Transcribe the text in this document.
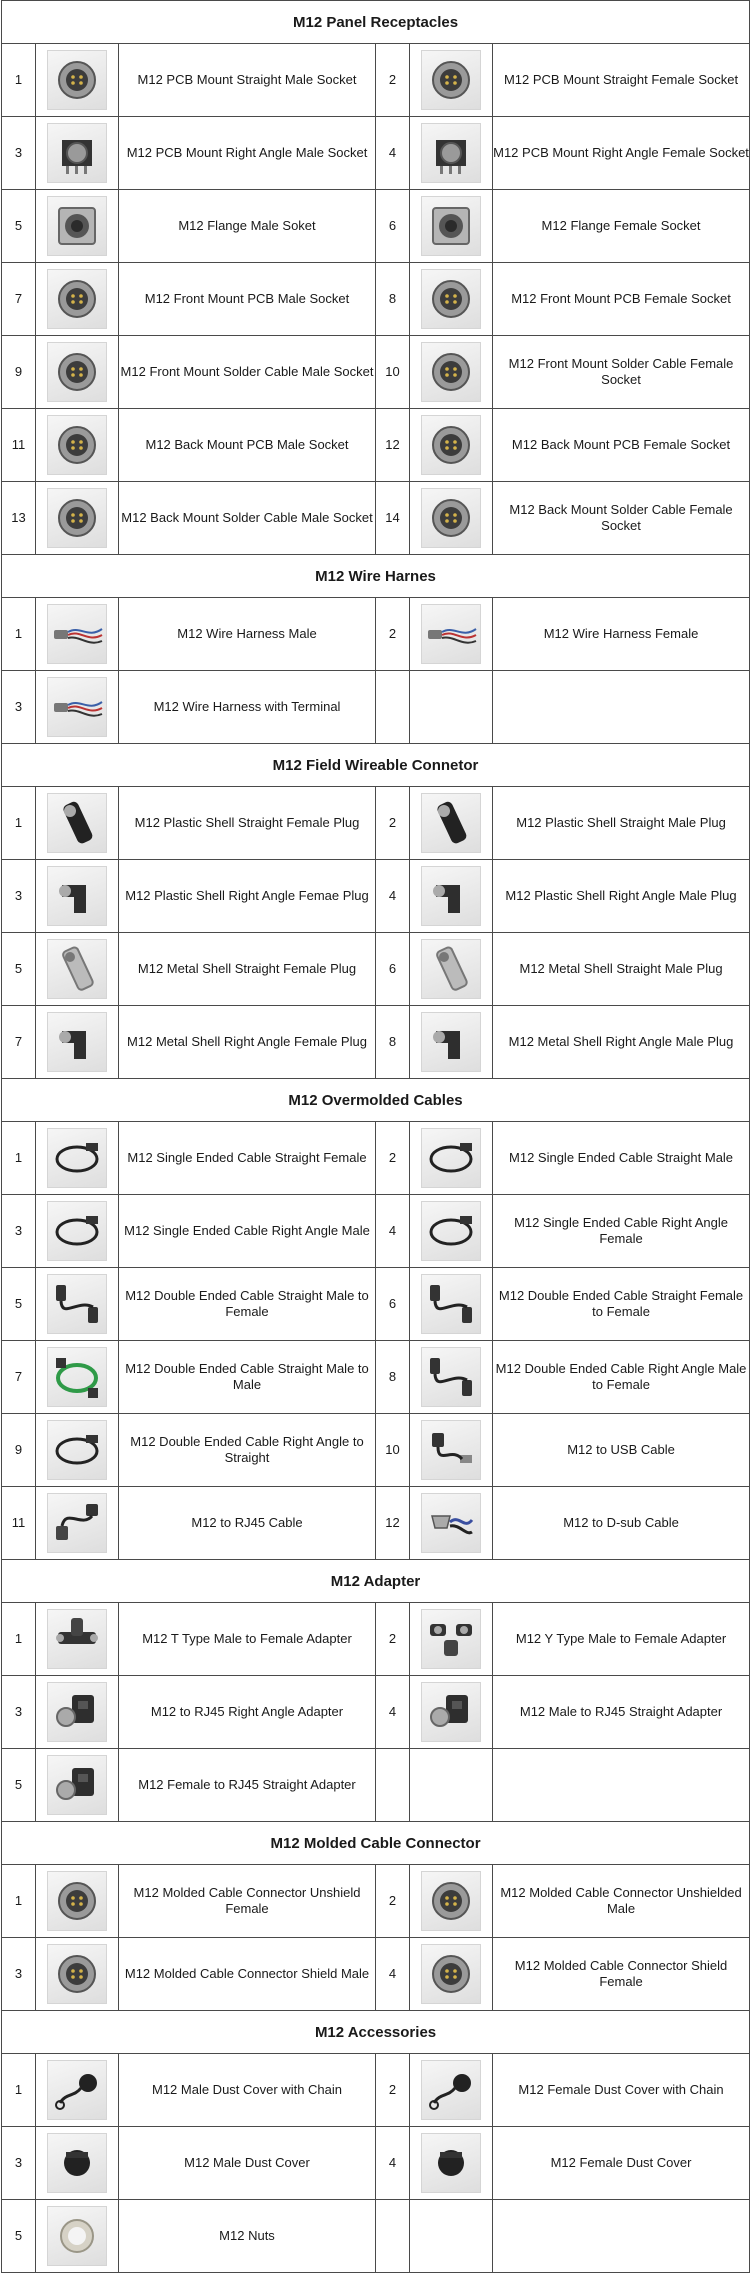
M12 Panel Receptacles					
1		M12 PCB Mount Straight Male Socket	2		M12 PCB Mount Straight Female Socket
3		M12 PCB Mount Right Angle Male Socket	4		M12 PCB Mount Right Angle Female Socket
5		M12 Flange Male Soket	6		M12 Flange Female Socket
7		M12 Front Mount PCB Male Socket	8		M12 Front Mount PCB Female Socket
9		M12 Front Mount Solder Cable Male Socket	10		M12 Front Mount Solder Cable Female Socket
11		M12 Back Mount PCB Male Socket	12		M12 Back Mount PCB Female Socket
13		M12 Back Mount Solder Cable Male Socket	14		M12 Back Mount Solder Cable Female Socket
M12 Wire Harnes					
1		M12 Wire Harness Male	2		M12 Wire Harness Female
3		M12 Wire Harness with Terminal			
M12 Field Wireable Connetor					
1		M12 Plastic Shell Straight Female Plug	2		M12 Plastic Shell Straight Male Plug
3		M12 Plastic Shell Right Angle Femae Plug	4		M12 Plastic Shell Right Angle Male Plug
5		M12 Metal Shell Straight Female Plug	6		M12 Metal Shell Straight Male Plug
7		M12 Metal Shell Right Angle Female Plug	8		M12 Metal Shell Right Angle Male Plug
M12 Overmolded Cables					
1		M12 Single Ended Cable Straight Female	2		M12 Single Ended Cable Straight Male
3		M12 Single Ended Cable Right Angle Male	4		M12 Single Ended Cable Right Angle Female
5		M12 Double Ended Cable Straight Male to Female	6		M12 Double Ended Cable Straight Female to Female
7		M12 Double Ended Cable Straight Male to Male	8		M12 Double Ended Cable Right Angle Male to Female
9		M12 Double Ended Cable Right Angle to Straight	10		M12 to USB Cable
11		M12 to RJ45 Cable	12		M12 to D-sub Cable
M12 Adapter					
1		M12 T Type Male to Female Adapter	2		M12 Y Type Male to Female Adapter
3		M12 to RJ45 Right Angle Adapter	4		M12 Male to RJ45 Straight Adapter
5		M12 Female to RJ45 Straight Adapter			
M12 Molded Cable Connector					
1		M12 Molded Cable Connector Unshield Female	2		M12 Molded Cable Connector Unshielded Male
3		M12 Molded Cable Connector Shield Male	4		M12 Molded Cable Connector Shield Female
M12 Accessories					
1		M12 Male Dust Cover with Chain	2		M12 Female Dust Cover with Chain
3		M12 Male Dust Cover	4		M12 Female Dust Cover
5		M12 Nuts			
